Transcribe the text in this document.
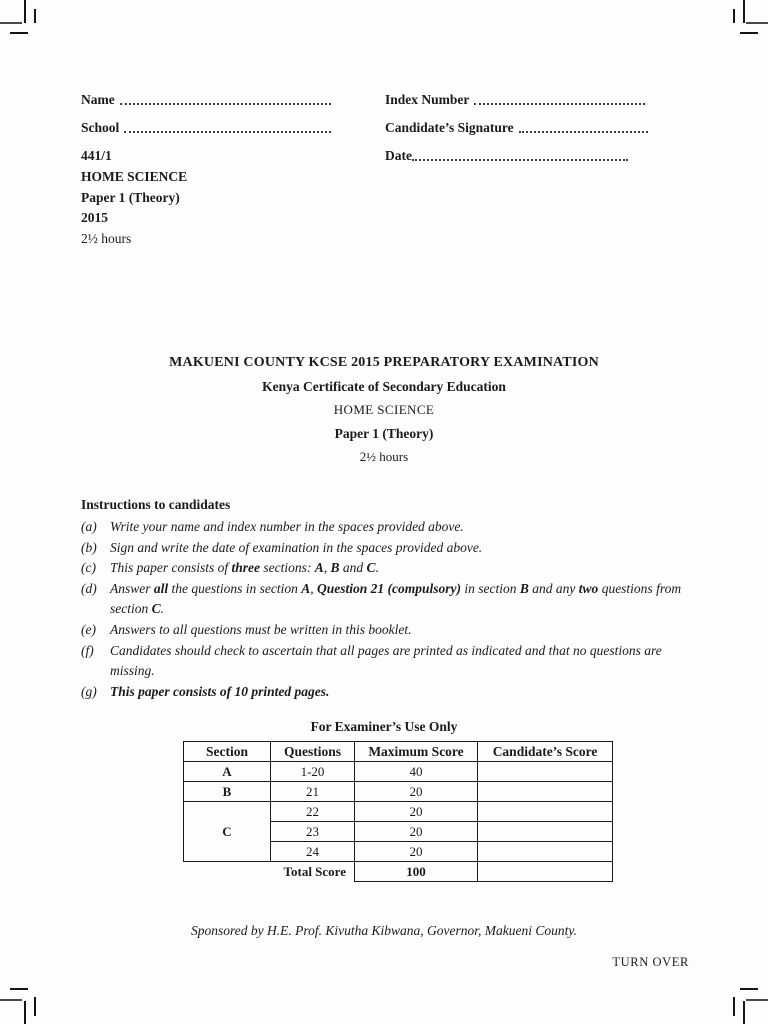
Name	Index Number
School	Candidate’s Signature
Date
441/1
HOME SCIENCE
Paper 1 (Theory)
2015
2½ hours
MAKUENI COUNTY KCSE 2015 PREPARATORY EXAMINATION
Kenya Certificate of Secondary Education
HOME SCIENCE
Paper 1 (Theory)
2½ hours
Instructions to candidates
(a) Write your name and index number in the spaces provided above.
(b) Sign and write the date of examination in the spaces provided above.
(c)	This paper consists of three sections: A, B and C.
(d) Answer all the questions in section A, Question 21 (compulsory) in section B and any two questions from section C.
(e)	Answers to all questions must be written in this booklet.
(f)	Candidates should check to ascertain that all pages are printed as indicated and that no questions are missing.
(g) This paper consists of 10 printed pages.
For Examiner’s Use Only
Section	Questions	Maximum Score	Candidate’s Score
A	1-20	40	
B	21	20	
C	22	20	
	23	20	
	24	20	
Total Score		100	
Sponsored by H.E. Prof. Kivutha Kibwana, Governor, Makueni County.
TURN OVER
